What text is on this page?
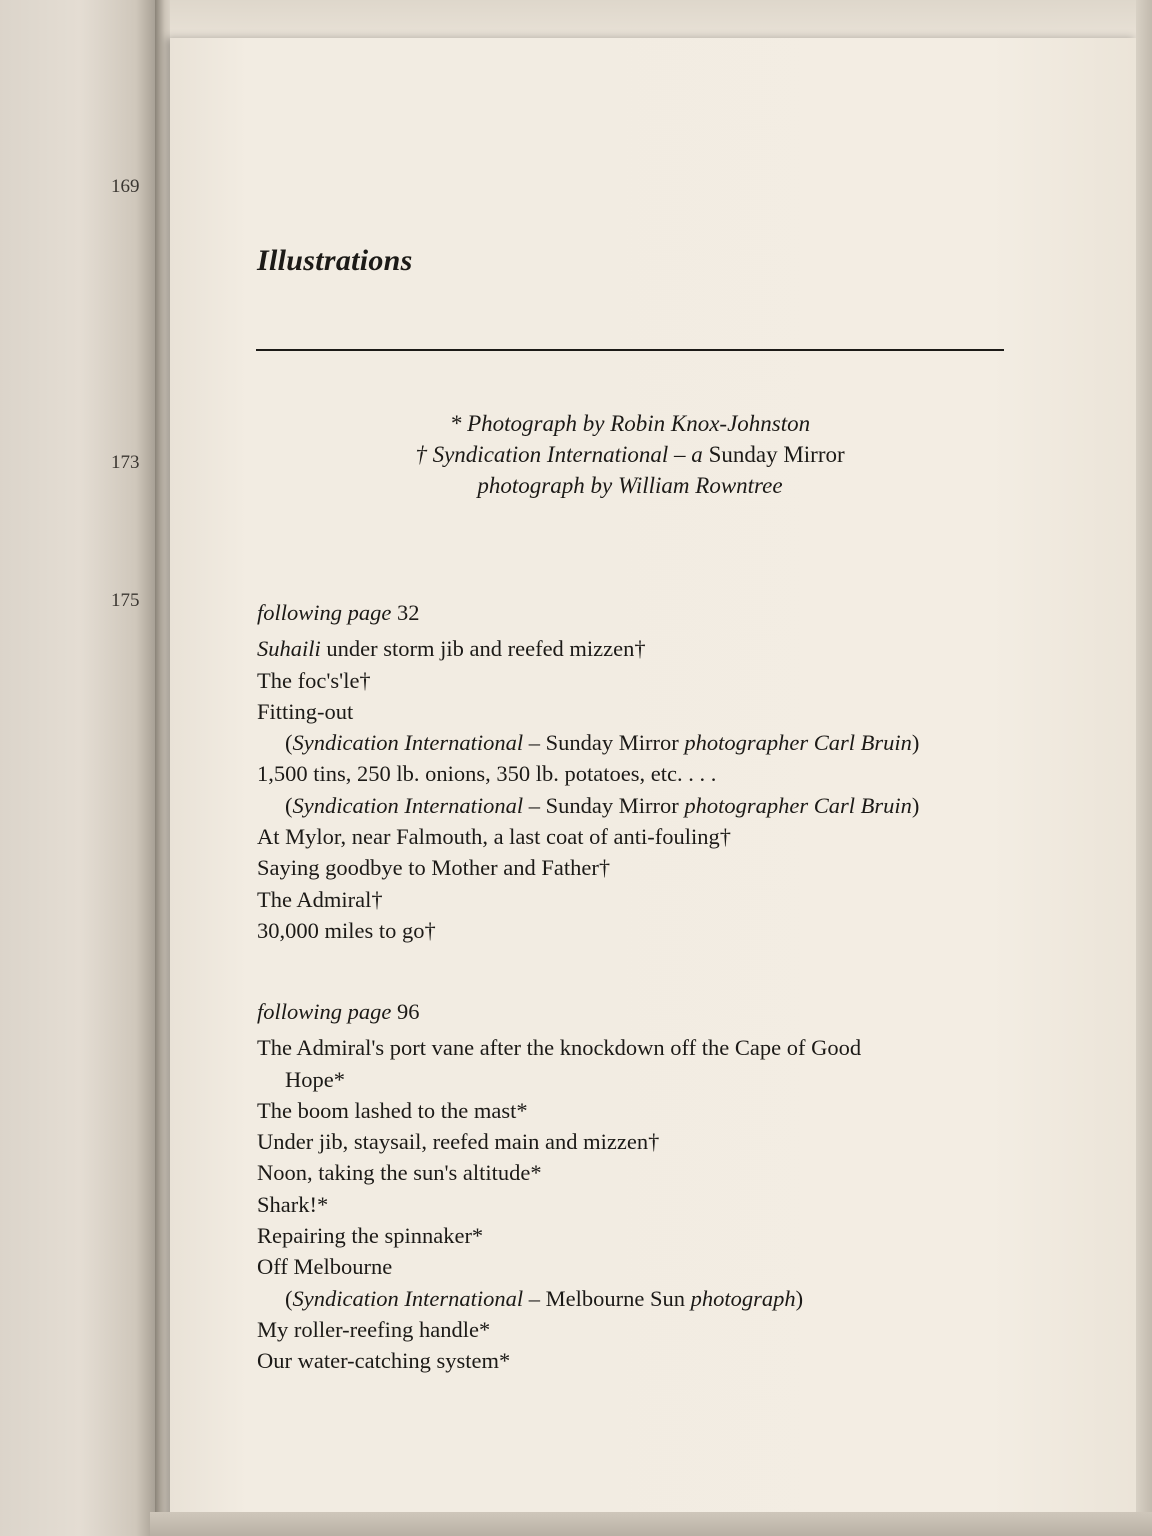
169
173
175
Illustrations
* Photograph by Robin Knox-Johnston
† Syndication International – a Sunday Mirror
photograph by William Rowntree
following page 32
Suhaili under storm jib and reefed mizzen†
The foc's'le†
Fitting-out
(Syndication International – Sunday Mirror photographer Carl Bruin)
1,500 tins, 250 lb. onions, 350 lb. potatoes, etc. . . .
(Syndication International – Sunday Mirror photographer Carl Bruin)
At Mylor, near Falmouth, a last coat of anti-fouling†
Saying goodbye to Mother and Father†
The Admiral†
30,000 miles to go†
following page 96
The Admiral's port vane after the knockdown off the Cape of Good
Hope*
The boom lashed to the mast*
Under jib, staysail, reefed main and mizzen†
Noon, taking the sun's altitude*
Shark!*
Repairing the spinnaker*
Off Melbourne
(Syndication International – Melbourne Sun photograph)
My roller-reefing handle*
Our water-catching system*
